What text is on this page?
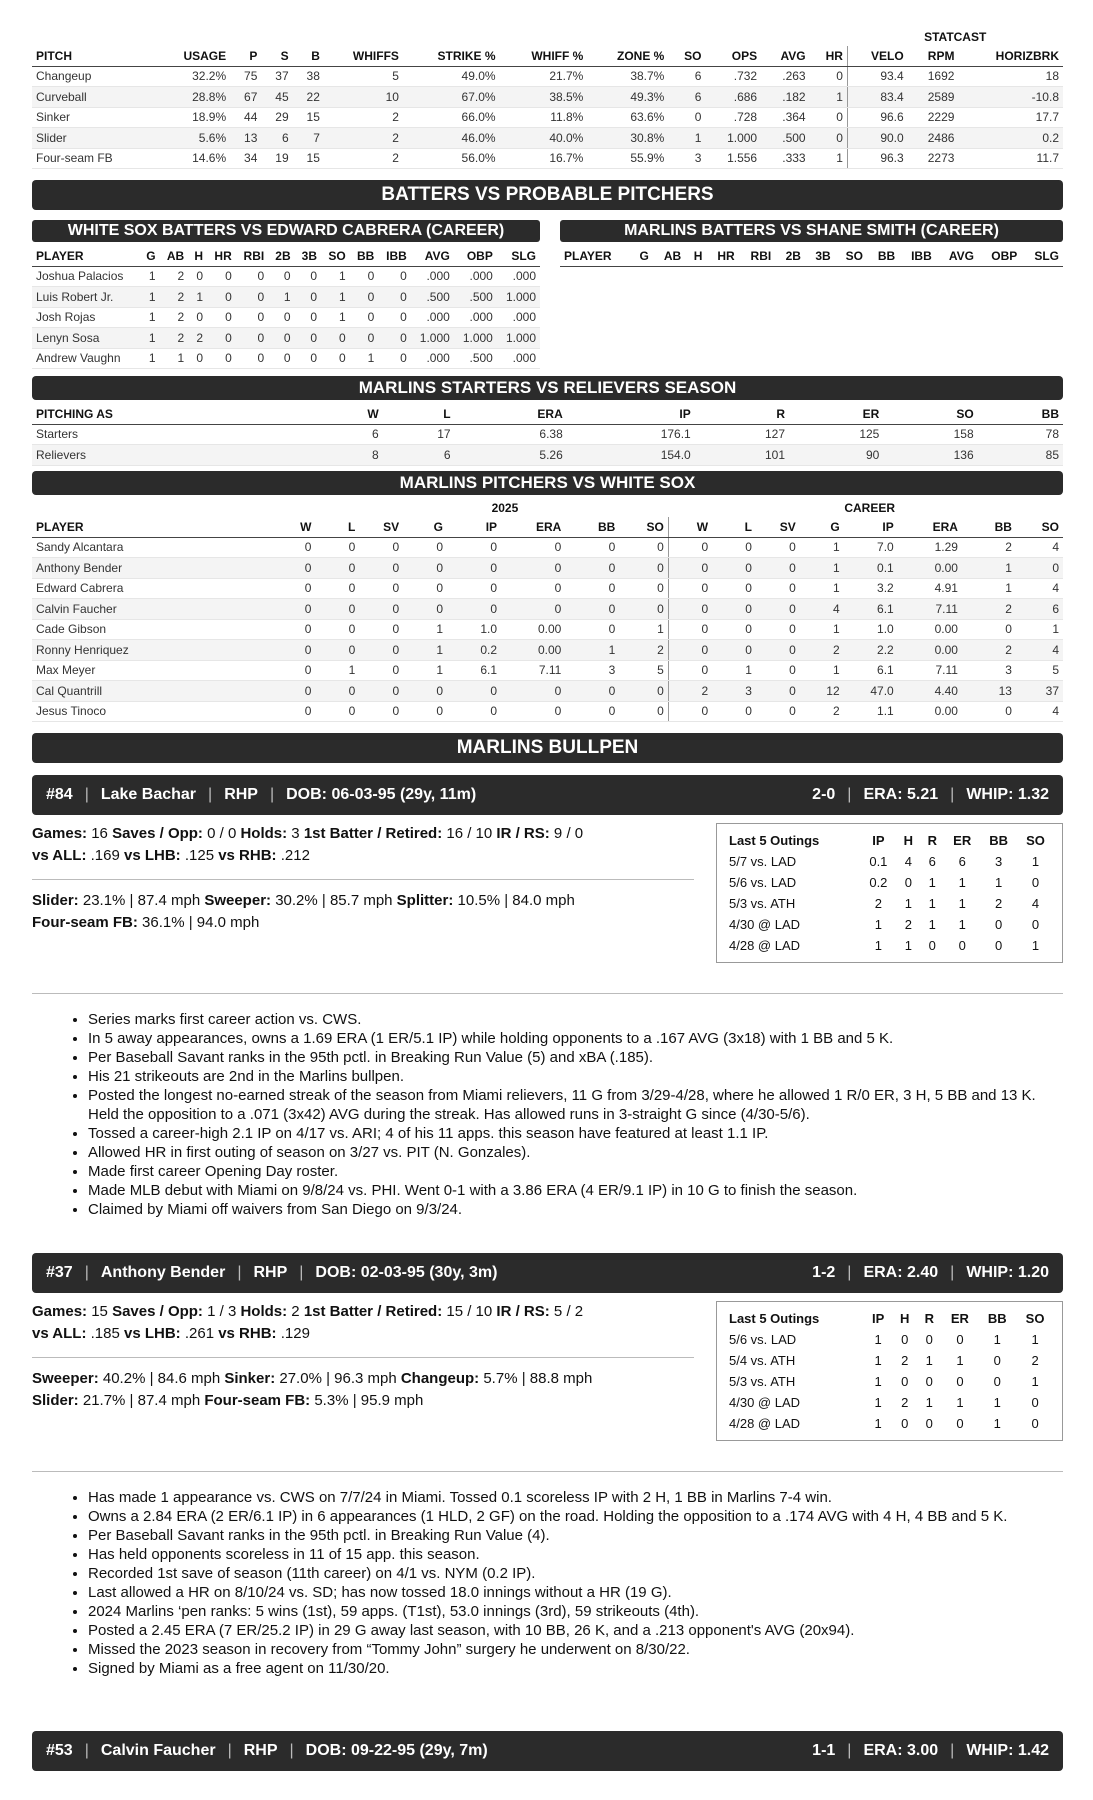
													STATCAST		
PITCH	USAGE	P	S	B	WHIFFS	STRIKE %	WHIFF %	ZONE %	SO	OPS	AVG	HR	VELO	RPM	HORIZBRK
Changeup	32.2%	75	37	38	5	49.0%	21.7%	38.7%	6	.732	.263	0	93.4	1692	18
Curveball	28.8%	67	45	22	10	67.0%	38.5%	49.3%	6	.686	.182	1	83.4	2589	-10.8
Sinker	18.9%	44	29	15	2	66.0%	11.8%	63.6%	0	.728	.364	0	96.6	2229	17.7
Slider	5.6%	13	6	7	2	46.0%	40.0%	30.8%	1	1.000	.500	0	90.0	2486	0.2
Four-seam FB	14.6%	34	19	15	2	56.0%	16.7%	55.9%	3	1.556	.333	1	96.3	2273	11.7
BATTERS VS PROBABLE PITCHERS
WHITE SOX BATTERS VS EDWARD CABRERA (CAREER)
PLAYER	G	AB	H	HR	RBI	2B	3B	SO	BB	IBB	AVG	OBP	SLG
Joshua Palacios	1	2	0	0	0	0	0	1	0	0	.000	.000	.000
Luis Robert Jr.	1	2	1	0	0	1	0	1	0	0	.500	.500	1.000
Josh Rojas	1	2	0	0	0	0	0	1	0	0	.000	.000	.000
Lenyn Sosa	1	2	2	0	0	0	0	0	0	0	1.000	1.000	1.000
Andrew Vaughn	1	1	0	0	0	0	0	0	1	0	.000	.500	.000
MARLINS BATTERS VS SHANE SMITH (CAREER)
PLAYER	G	AB	H	HR	RBI	2B	3B	SO	BB	IBB	AVG	OBP	SLG
MARLINS STARTERS VS RELIEVERS SEASON
PITCHING AS	W	L	ERA	IP	R	ER	SO	BB
Starters	6	17	6.38	176.1	127	125	158	78
Relievers	8	6	5.26	154.0	101	90	136	85
MARLINS PITCHERS VS WHITE SOX
2025									CAREER							
PLAYER	W	L	SV	G	IP	ERA	BB	SO	W	L	SV	G	IP	ERA	BB	SO
Sandy Alcantara	0	0	0	0	0	0	0	0	0	0	0	1	7.0	1.29	2	4
Anthony Bender	0	0	0	0	0	0	0	0	0	0	0	1	0.1	0.00	1	0
Edward Cabrera	0	0	0	0	0	0	0	0	0	0	0	1	3.2	4.91	1	4
Calvin Faucher	0	0	0	0	0	0	0	0	0	0	0	4	6.1	7.11	2	6
Cade Gibson	0	0	0	1	1.0	0.00	0	1	0	0	0	1	1.0	0.00	0	1
Ronny Henriquez	0	0	0	1	0.2	0.00	1	2	0	0	0	2	2.2	0.00	2	4
Max Meyer	0	1	0	1	6.1	7.11	3	5	0	1	0	1	6.1	7.11	3	5
Cal Quantrill	0	0	0	0	0	0	0	0	2	3	0	12	47.0	4.40	13	37
Jesus Tinoco	0	0	0	0	0	0	0	0	0	0	0	2	1.1	0.00	0	4
MARLINS BULLPEN
#84 | Lake Bachar | RHP | DOB: 06-03-95 (29y, 11m)	2-0 | ERA: 5.21 | WHIP: 1.32
Games: 16 Saves / Opp: 0 / 0 Holds: 3 1st Batter / Retired: 16 / 10 IR / RS: 9 / 0
vs ALL: .169 vs LHB: .125 vs RHB: .212
Slider: 23.1% | 87.4 mph Sweeper: 30.2% | 85.7 mph Splitter: 10.5% | 84.0 mph
Four-seam FB: 36.1% | 94.0 mph
Last 5 Outings	IP	H	R	ER	BB	SO
5/7 vs. LAD	0.1	4	6	6	3	1
5/6 vs. LAD	0.2	0	1	1	1	0
5/3 vs. ATH	2	1	1	1	2	4
4/30 @ LAD	1	2	1	1	0	0
4/28 @ LAD	1	1	0	0	0	1
• Series marks first career action vs. CWS.
• In 5 away appearances, owns a 1.69 ERA (1 ER/5.1 IP) while holding opponents to a .167 AVG (3x18) with 1 BB and 5 K.
• Per Baseball Savant ranks in the 95th pctl. in Breaking Run Value (5) and xBA (.185).
• His 21 strikeouts are 2nd in the Marlins bullpen.
• Posted the longest no-earned streak of the season from Miami relievers, 11 G from 3/29-4/28, where he allowed 1 R/0 ER, 3 H, 5 BB and 13 K. Held the opposition to a .071 (3x42) AVG during the streak. Has allowed runs in 3-straight G since (4/30-5/6).
• Tossed a career-high 2.1 IP on 4/17 vs. ARI; 4 of his 11 apps. this season have featured at least 1.1 IP.
• Allowed HR in first outing of season on 3/27 vs. PIT (N. Gonzales).
• Made first career Opening Day roster.
• Made MLB debut with Miami on 9/8/24 vs. PHI. Went 0-1 with a 3.86 ERA (4 ER/9.1 IP) in 10 G to finish the season.
• Claimed by Miami off waivers from San Diego on 9/3/24.
#37 | Anthony Bender | RHP | DOB: 02-03-95 (30y, 3m)	1-2 | ERA: 2.40 | WHIP: 1.20
Games: 15 Saves / Opp: 1 / 3 Holds: 2 1st Batter / Retired: 15 / 10 IR / RS: 5 / 2
vs ALL: .185 vs LHB: .261 vs RHB: .129
Sweeper: 40.2% | 84.6 mph Sinker: 27.0% | 96.3 mph Changeup: 5.7% | 88.8 mph
Slider: 21.7% | 87.4 mph Four-seam FB: 5.3% | 95.9 mph
Last 5 Outings	IP	H	R	ER	BB	SO
5/6 vs. LAD	1	0	0	0	1	1
5/4 vs. ATH	1	2	1	1	0	2
5/3 vs. ATH	1	0	0	0	0	1
4/30 @ LAD	1	2	1	1	1	0
4/28 @ LAD	1	0	0	0	1	0
• Has made 1 appearance vs. CWS on 7/7/24 in Miami. Tossed 0.1 scoreless IP with 2 H, 1 BB in Marlins 7-4 win.
• Owns a 2.84 ERA (2 ER/6.1 IP) in 6 appearances (1 HLD, 2 GF) on the road. Holding the opposition to a .174 AVG with 4 H, 4 BB and 5 K.
• Per Baseball Savant ranks in the 95th pctl. in Breaking Run Value (4).
• Has held opponents scoreless in 11 of 15 app. this season.
• Recorded 1st save of season (11th career) on 4/1 vs. NYM (0.2 IP).
• Last allowed a HR on 8/10/24 vs. SD; has now tossed 18.0 innings without a HR (19 G).
• 2024 Marlins ‘pen ranks: 5 wins (1st), 59 apps. (T1st), 53.0 innings (3rd), 59 strikeouts (4th).
• Posted a 2.45 ERA (7 ER/25.2 IP) in 29 G away last season, with 10 BB, 26 K, and a .213 opponent's AVG (20x94).
• Missed the 2023 season in recovery from “Tommy John” surgery he underwent on 8/30/22.
• Signed by Miami as a free agent on 11/30/20.
#53 | Calvin Faucher | RHP | DOB: 09-22-95 (29y, 7m)	1-1 | ERA: 3.00 | WHIP: 1.42
